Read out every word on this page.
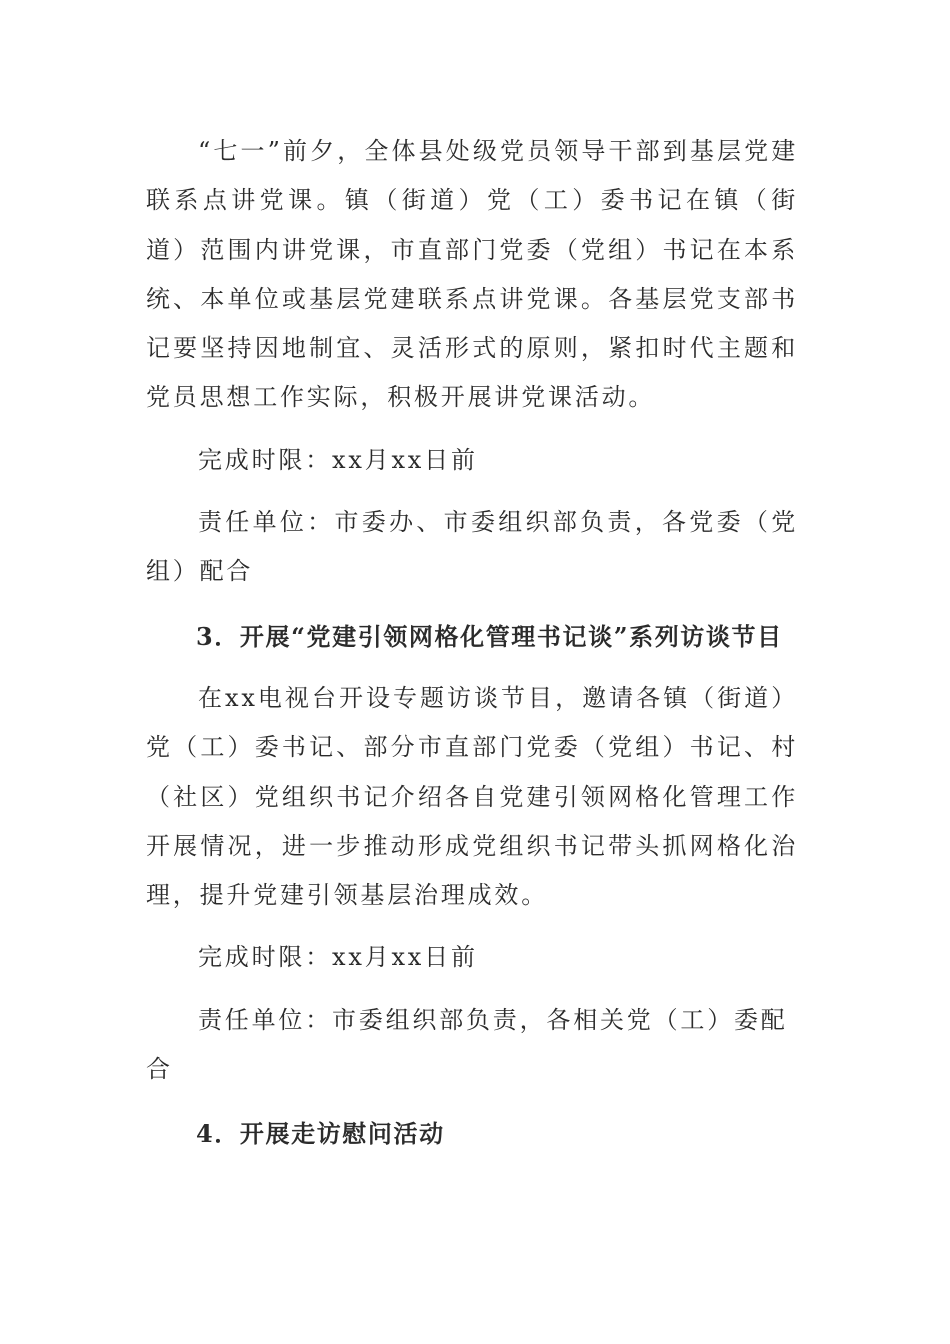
“七一”前夕，全体县处级党员领导干部到基层党建联系点讲党课。镇（街道）党（工）委书记在镇（街道）范围内讲党课，市直部门党委（党组）书记在本系统、本单位或基层党建联系点讲党课。各基层党支部书记要坚持因地制宜、灵活形式的原则，紧扣时代主题和党员思想工作实际，积极开展讲党课活动。

完成时限：xx月xx日前

责任单位：市委办、市委组织部负责，各党委（党组）配合

3．开展“党建引领网格化管理书记谈”系列访谈节目

在xx电视台开设专题访谈节目，邀请各镇（街道）党（工）委书记、部分市直部门党委（党组）书记、村（社区）党组织书记介绍各自党建引领网格化管理工作开展情况，进一步推动形成党组织书记带头抓网格化治理，提升党建引领基层治理成效。

完成时限：xx月xx日前

责任单位：市委组织部负责，各相关党（工）委配合

4．开展走访慰问活动
